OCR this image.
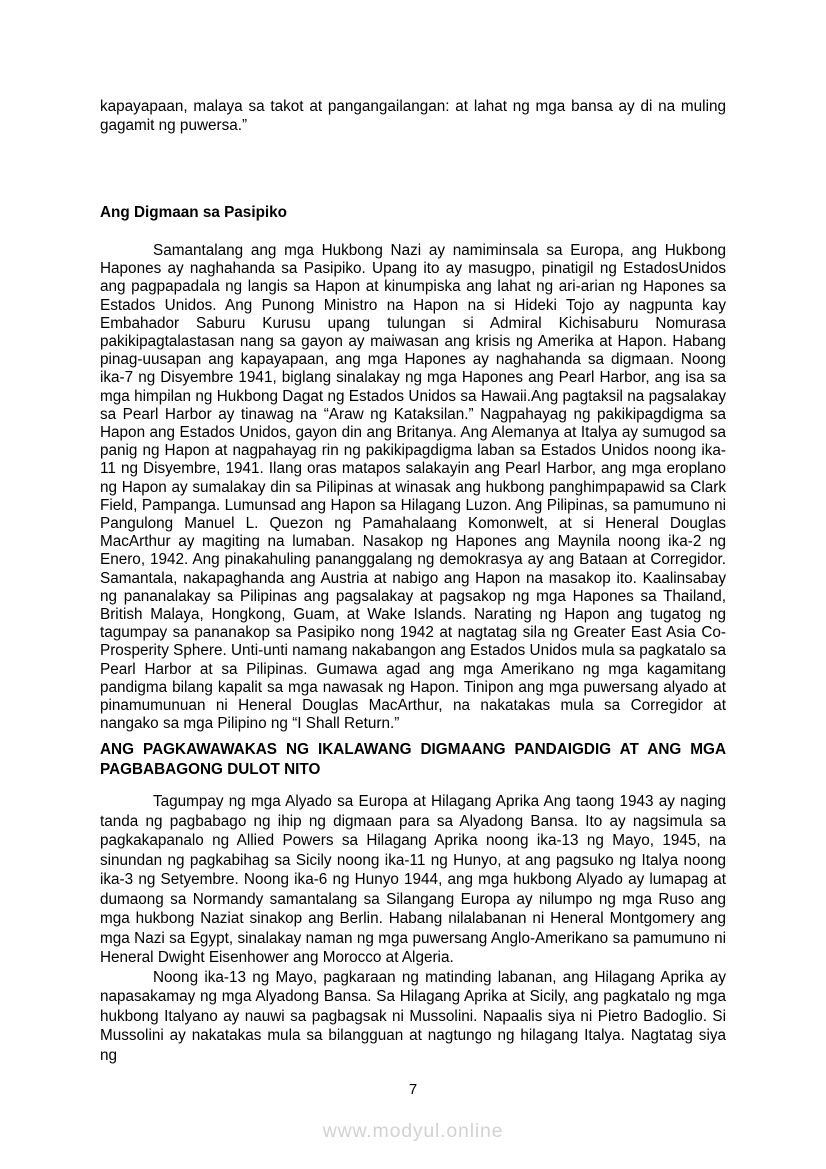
kapayapaan, malaya sa takot at pangangailangan: at lahat ng mga bansa ay di na muling gagamit ng puwersa.”

Ang Digmaan sa Pasipiko

Samantalang ang mga Hukbong Nazi ay namiminsala sa Europa, ang Hukbong Hapones ay naghahanda sa Pasipiko. Upang ito ay masugpo, pinatigil ng EstadosUnidos ang pagpapadala ng langis sa Hapon at kinumpiska ang lahat ng ari-arian ng Hapones sa Estados Unidos. Ang Punong Ministro na Hapon na si Hideki Tojo ay nagpunta kay Embahador Saburu Kurusu upang tulungan si Admiral Kichisaburu Nomurasa pakikipagtalastasan nang sa gayon ay maiwasan ang krisis ng Amerika at Hapon. Habang pinag-uusapan ang kapayapaan, ang mga Hapones ay naghahanda sa digmaan. Noong ika-7 ng Disyembre 1941, biglang sinalakay ng mga Hapones ang Pearl Harbor, ang isa sa mga himpilan ng Hukbong Dagat ng Estados Unidos sa Hawaii.Ang pagtaksil na pagsalakay sa Pearl Harbor ay tinawag na “Araw ng Kataksilan.” Nagpahayag ng pakikipagdigma sa Hapon ang Estados Unidos, gayon din ang Britanya. Ang Alemanya at Italya ay sumugod sa panig ng Hapon at nagpahayag rin ng pakikipagdigma laban sa Estados Unidos noong ika-11 ng Disyembre, 1941. Ilang oras matapos salakayin ang Pearl Harbor, ang mga eroplano ng Hapon ay sumalakay din sa Pilipinas at winasak ang hukbong panghimpapawid sa Clark Field, Pampanga. Lumunsad ang Hapon sa Hilagang Luzon. Ang Pilipinas, sa pamumuno ni Pangulong Manuel L. Quezon ng Pamahalaang Komonwelt, at si Heneral Douglas MacArthur ay magiting na lumaban. Nasakop ng Hapones ang Maynila noong ika-2 ng Enero, 1942. Ang pinakahuling pananggalang ng demokrasya ay ang Bataan at Corregidor. Samantala, nakapaghanda ang Austria at nabigo ang Hapon na masakop ito. Kaalinsabay ng pananalakay sa Pilipinas ang pagsalakay at pagsakop ng mga Hapones sa Thailand, British Malaya, Hongkong, Guam, at Wake Islands. Narating ng Hapon ang tugatog ng tagumpay sa pananakop sa Pasipiko nong 1942 at nagtatag sila ng Greater East Asia Co-Prosperity Sphere. Unti-unti namang nakabangon ang Estados Unidos mula sa pagkatalo sa Pearl Harbor at sa Pilipinas. Gumawa agad ang mga Amerikano ng mga kagamitang pandigma bilang kapalit sa mga nawasak ng Hapon. Tinipon ang mga puwersang alyado at pinamumunuan ni Heneral Douglas MacArthur, na nakatakas mula sa Corregidor at nangako sa mga Pilipino ng “I Shall Return.”

ANG PAGKAWAWAKAS NG IKALAWANG DIGMAANG PANDAIGDIG AT ANG MGA
PAGBABAGONG DULOT NITO

Tagumpay ng mga Alyado sa Europa at Hilagang Aprika Ang taong 1943 ay naging tanda ng pagbabago ng ihip ng digmaan para sa Alyadong Bansa. Ito ay nagsimula sa pagkakapanalo ng Allied Powers sa Hilagang Aprika noong ika-13 ng Mayo, 1945, na sinundan ng pagkabihag sa Sicily noong ika-11 ng Hunyo, at ang pagsuko ng Italya noong ika-3 ng Setyembre. Noong ika-6 ng Hunyo 1944, ang mga hukbong Alyado ay lumapag at dumaong sa Normandy samantalang sa Silangang Europa ay nilumpo ng mga Ruso ang mga hukbong Naziat sinakop ang Berlin. Habang nilalabanan ni Heneral Montgomery ang mga Nazi sa Egypt, sinalakay naman ng mga puwersang Anglo-Amerikano sa pamumuno ni Heneral Dwight Eisenhower ang Morocco at Algeria.

Noong ika-13 ng Mayo, pagkaraan ng matinding labanan, ang Hilagang Aprika ay napasakamay ng mga Alyadong Bansa. Sa Hilagang Aprika at Sicily, ang pagkatalo ng mga hukbong Italyano ay nauwi sa pagbagsak ni Mussolini. Napaalis siya ni Pietro Badoglio. Si Mussolini ay nakatakas mula sa bilangguan at nagtungo ng hilagang Italya. Nagtatag siya ng

7
www.modyul.online
